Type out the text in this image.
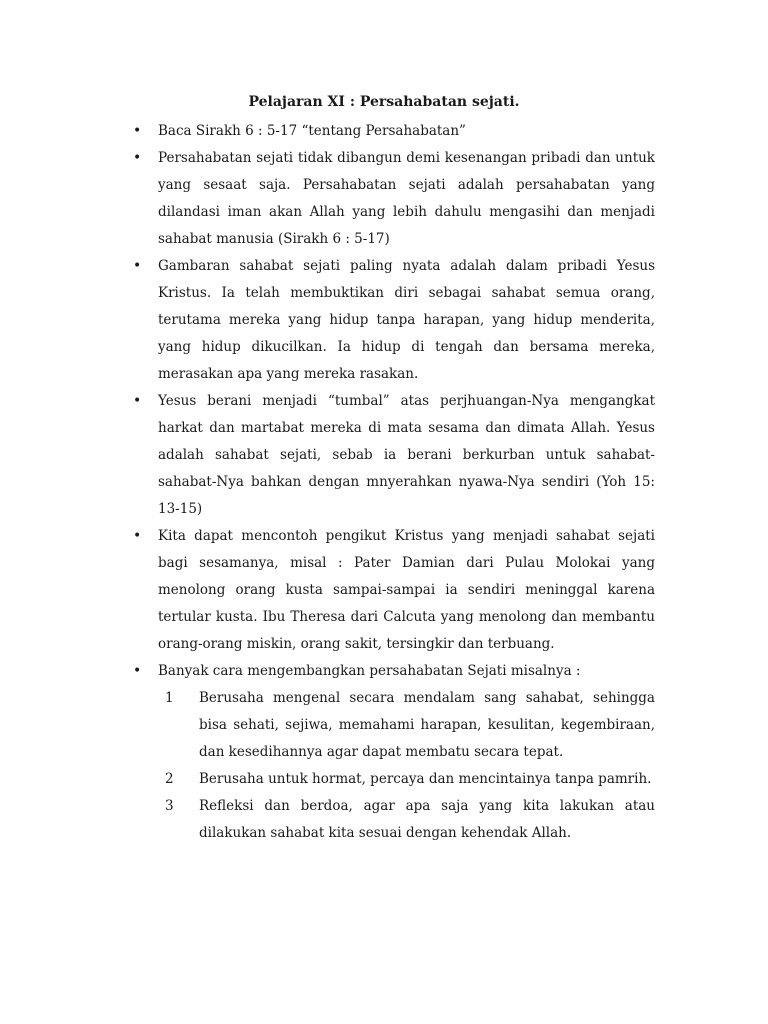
Pelajaran XI : Persahabatan sejati.
• Baca Sirakh 6 : 5-17 “tentang Persahabatan”
• Persahabatan sejati tidak dibangun demi kesenangan pribadi dan untuk yang sesaat saja. Persahabatan sejati adalah persahabatan yang dilandasi iman akan Allah yang lebih dahulu mengasihi dan menjadi sahabat manusia (Sirakh 6 : 5-17)
• Gambaran sahabat sejati paling nyata adalah dalam pribadi Yesus Kristus. Ia telah membuktikan diri sebagai sahabat semua orang, terutama mereka yang hidup tanpa harapan, yang hidup menderita, yang hidup dikucilkan. Ia hidup di tengah dan bersama mereka, merasakan apa yang mereka rasakan.
• Yesus berani menjadi “tumbal” atas perjhuangan-Nya mengangkat harkat dan martabat mereka di mata sesama dan dimata Allah. Yesus adalah sahabat sejati, sebab ia berani berkurban untuk sahabat-sahabat-Nya bahkan dengan mnyerahkan nyawa-Nya sendiri (Yoh 15: 13-15)
• Kita dapat mencontoh pengikut Kristus yang menjadi sahabat sejati bagi sesamanya, misal : Pater Damian dari Pulau Molokai yang menolong orang kusta sampai-sampai ia sendiri meninggal karena tertular kusta. Ibu Theresa dari Calcuta yang menolong dan membantu orang-orang miskin, orang sakit, tersingkir dan terbuang.
• Banyak cara mengembangkan persahabatan Sejati misalnya :
1 Berusaha mengenal secara mendalam sang sahabat, sehingga bisa sehati, sejiwa, memahami harapan, kesulitan, kegembiraan, dan kesedihannya agar dapat membatu secara tepat.
2 Berusaha untuk hormat, percaya dan mencintainya tanpa pamrih.
3 Refleksi dan berdoa, agar apa saja yang kita lakukan atau dilakukan sahabat kita sesuai dengan kehendak Allah.
